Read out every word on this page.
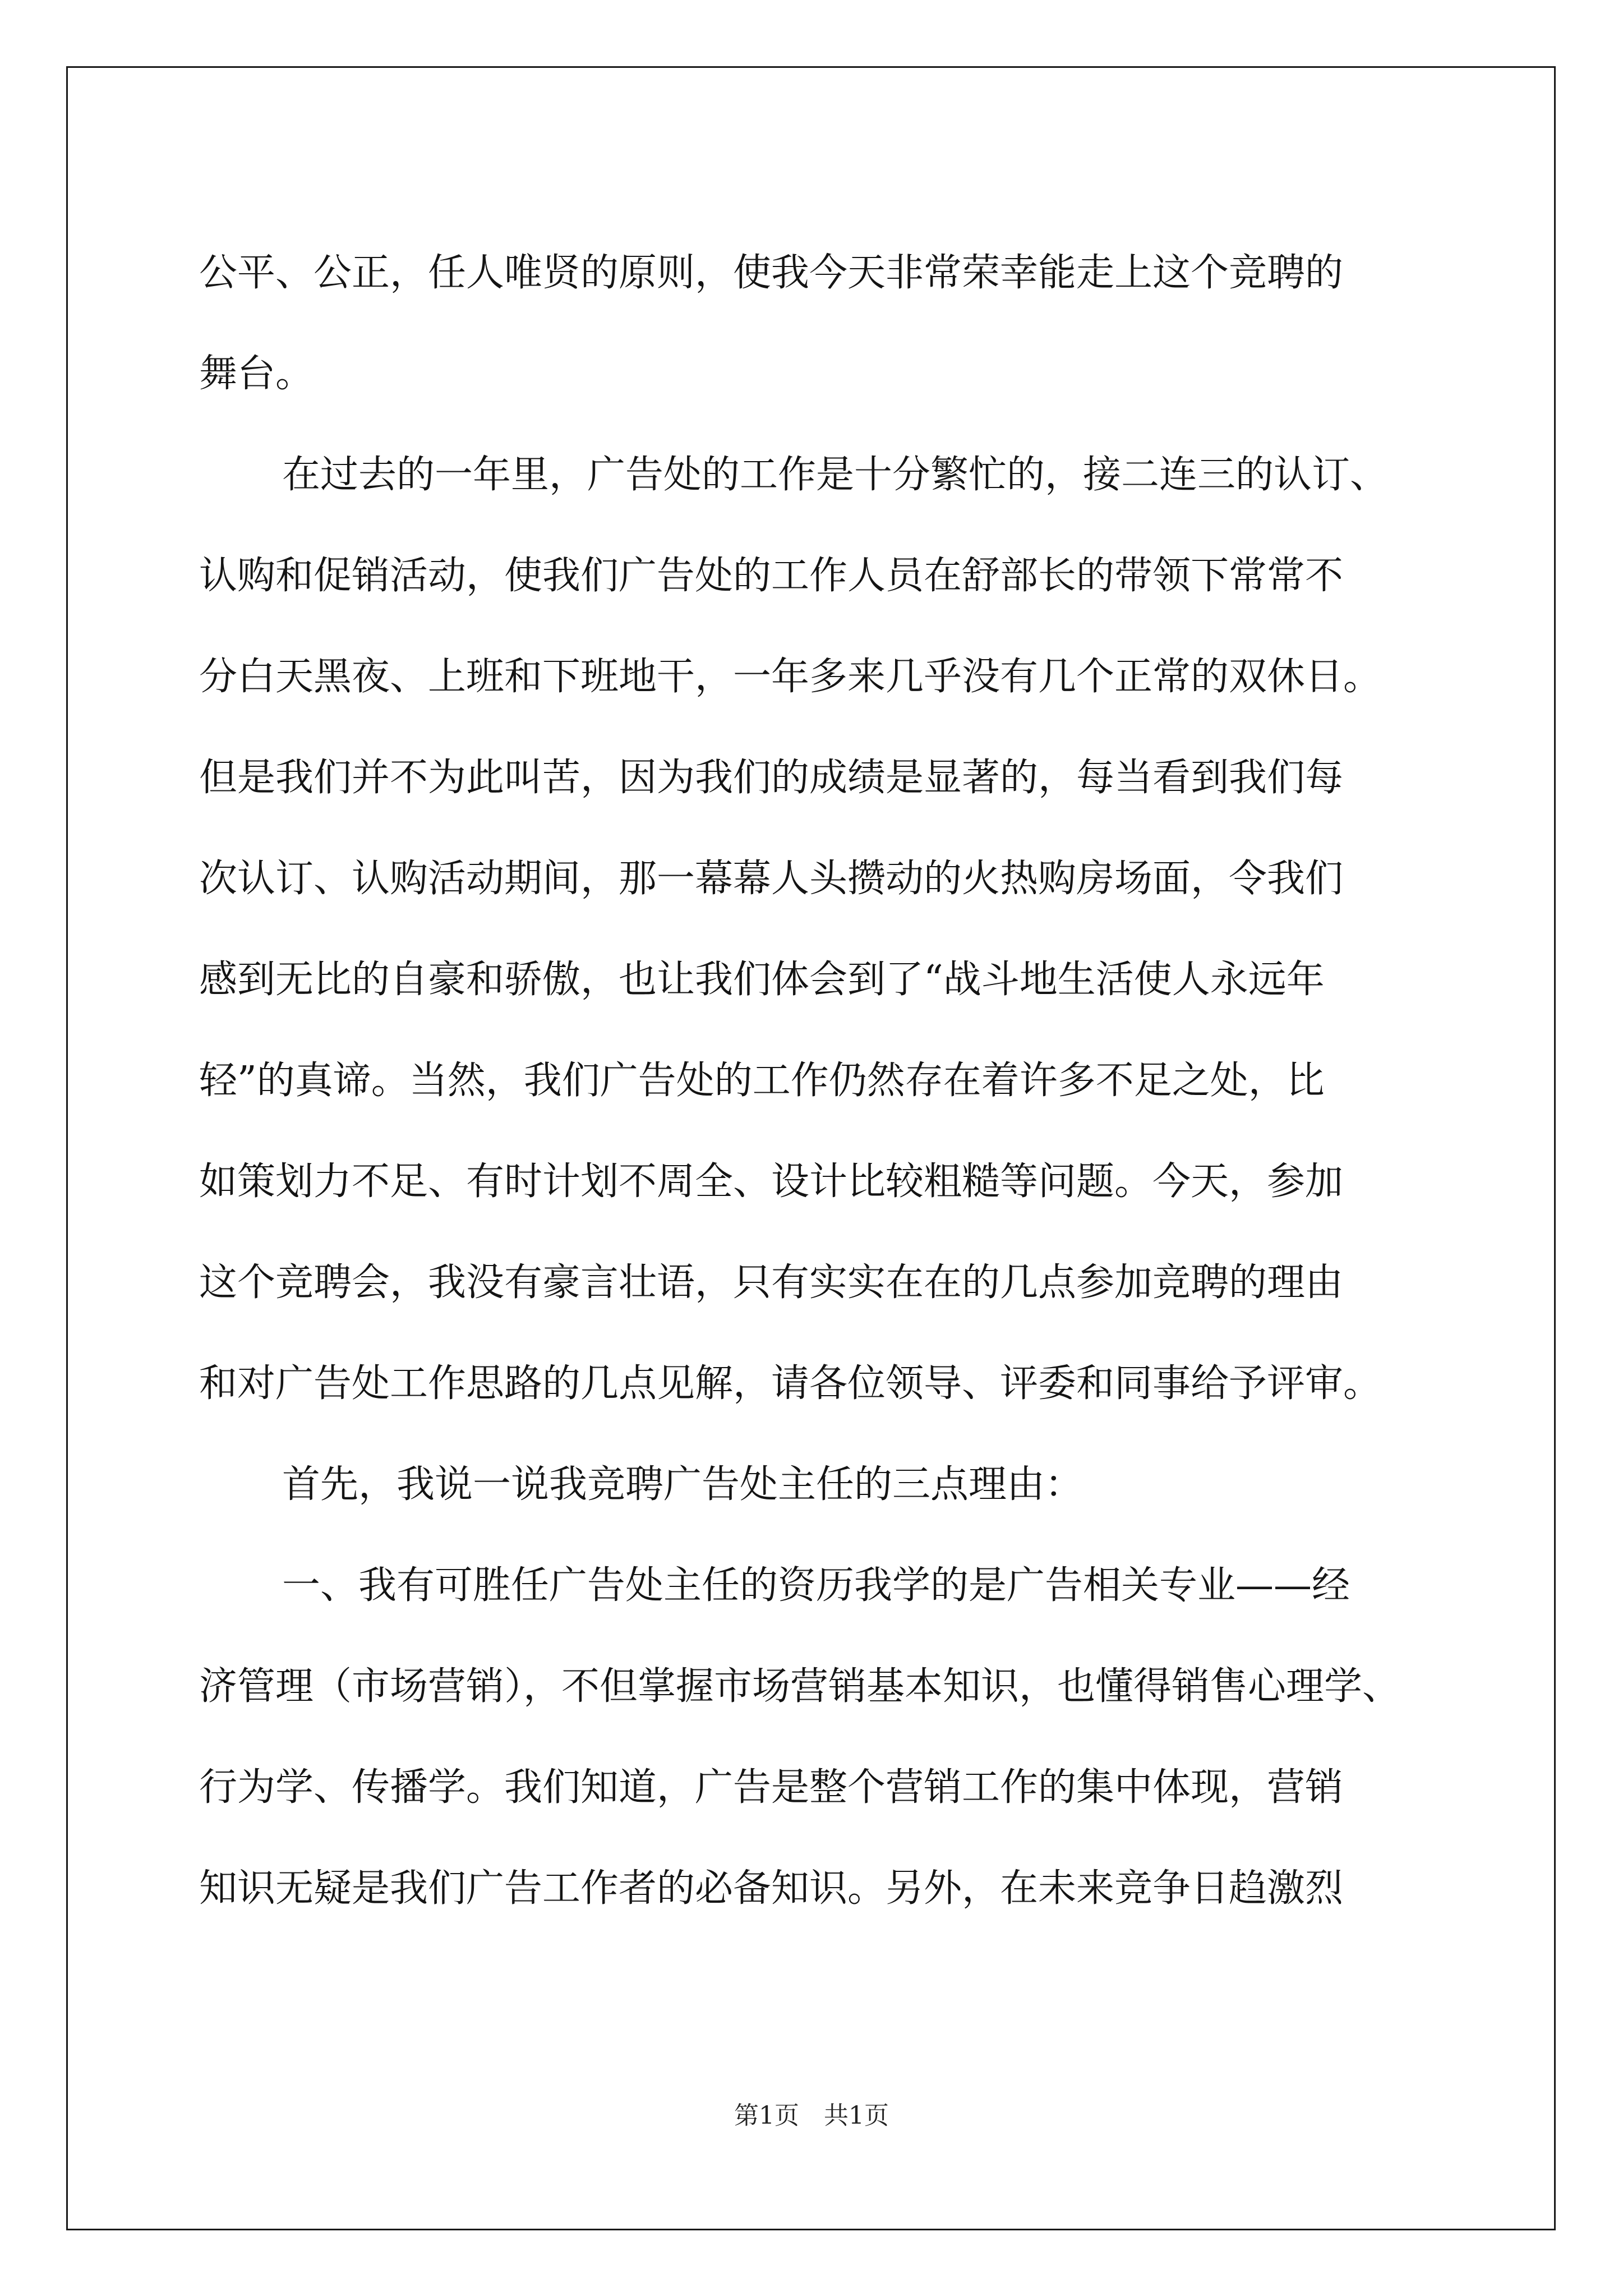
公平、公正，任人唯贤的原则，使我今天非常荣幸能走上这个竞聘的
舞台。
在过去的一年里，广告处的工作是十分繁忙的，接二连三的认订、
认购和促销活动，使我们广告处的工作人员在舒部长的带领下常常不
分白天黑夜、上班和下班地干，一年多来几乎没有几个正常的双休日。
但是我们并不为此叫苦，因为我们的成绩是显著的，每当看到我们每
次认订、认购活动期间，那一幕幕人头攒动的火热购房场面，令我们
感到无比的自豪和骄傲，也让我们体会到了“战斗地生活使人永远年
轻”的真谛。当然，我们广告处的工作仍然存在着许多不足之处，比
如策划力不足、有时计划不周全、设计比较粗糙等问题。今天，参加
这个竞聘会，我没有豪言壮语，只有实实在在的几点参加竞聘的理由
和对广告处工作思路的几点见解，请各位领导、评委和同事给予评审。
首先，我说一说我竞聘广告处主任的三点理由：
一、我有可胜任广告处主任的资历我学的是广告相关专业——经
济管理（市场营销），不但掌握市场营销基本知识，也懂得销售心理学、
行为学、传播学。我们知道，广告是整个营销工作的集中体现，营销
知识无疑是我们广告工作者的必备知识。另外，在未来竞争日趋激烈
第1页　共1页
